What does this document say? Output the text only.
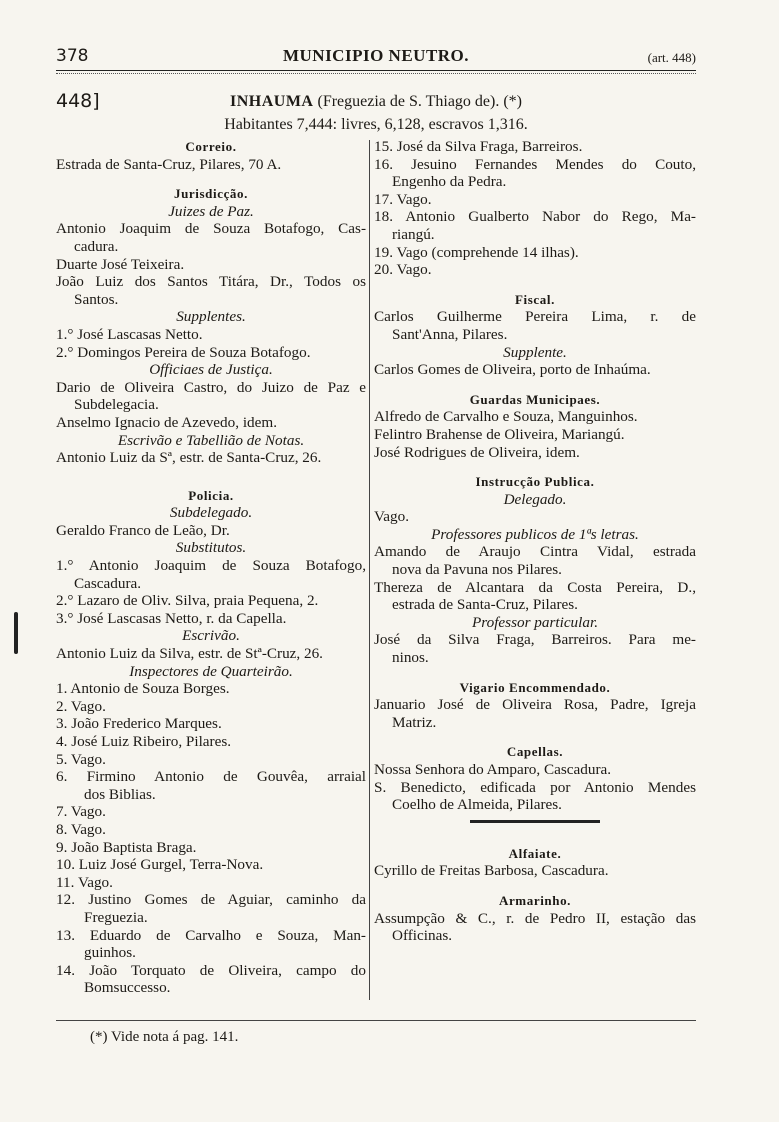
378	MUNICIPIO NEUTRO.	(art. 448)
448]	INHAUMA (Freguezia de S. Thiago de). (*)
Habitantes 7,444: livres, 6,128, escravos 1,316.
Correio.
Estrada de Santa-Cruz, Pilares, 70 A.
Jurisdicção.
Juizes de Paz.
Antonio Joaquim de Souza Botafogo, Cas-
cadura.
Duarte José Teixeira.
João Luiz dos Santos Titára, Dr., Todos os
Santos.
Supplentes.
1.° José Lascasas Netto.
2.° Domingos Pereira de Souza Botafogo.
Officiaes de Justiça.
Dario de Oliveira Castro, do Juizo de Paz e
Subdelegacia.
Anselmo Ignacio de Azevedo, idem.
Escrivão e Tabellião de Notas.
Antonio Luiz da Sª, estr. de Santa-Cruz, 26.
Policia.
Subdelegado.
Geraldo Franco de Leão, Dr.
Substitutos.
1.° Antonio Joaquim de Souza Botafogo,
Cascadura.
2.° Lazaro de Oliv. Silva, praia Pequena, 2.
3.° José Lascasas Netto, r. da Capella.
Escrivão.
Antonio Luiz da Silva, estr. de Stª-Cruz, 26.
Inspectores de Quarteirão.
1. Antonio de Souza Borges.
2. Vago.
3. João Frederico Marques.
4. José Luiz Ribeiro, Pilares.
5. Vago.
6. Firmino Antonio de Gouvêa, arraial
dos Biblias.
7. Vago.
8. Vago.
9. João Baptista Braga.
10. Luiz José Gurgel, Terra-Nova.
11. Vago.
12. Justino Gomes de Aguiar, caminho da
Freguezia.
13. Eduardo de Carvalho e Souza, Man-
guinhos.
14. João Torquato de Oliveira, campo do
Bomsuccesso.
15. José da Silva Fraga, Barreiros.
16. Jesuino Fernandes Mendes do Couto,
Engenho da Pedra.
17. Vago.
18. Antonio Gualberto Nabor do Rego, Ma-
riangú.
19. Vago (comprehende 14 ilhas).
20. Vago.
Fiscal.
Carlos Guilherme Pereira Lima, r. de
Sant'Anna, Pilares.
Supplente.
Carlos Gomes de Oliveira, porto de Inhaúma.
Guardas Municipaes.
Alfredo de Carvalho e Souza, Manguinhos.
Felintro Brahense de Oliveira, Mariangú.
José Rodrigues de Oliveira, idem.
Instrucção Publica.
Delegado.
Vago.
Professores publicos de 1ªs letras.
Amando de Araujo Cintra Vidal, estrada
nova da Pavuna nos Pilares.
Thereza de Alcantara da Costa Pereira, D.,
estrada de Santa-Cruz, Pilares.
Professor particular.
José da Silva Fraga, Barreiros. Para me-
ninos.
Vigario Encommendado.
Januario José de Oliveira Rosa, Padre, Igreja
Matriz.
Capellas.
Nossa Senhora do Amparo, Cascadura.
S. Benedicto, edificada por Antonio Mendes
Coelho de Almeida, Pilares.
Alfaiate.
Cyrillo de Freitas Barbosa, Cascadura.
Armarinho.
Assumpção & C., r. de Pedro II, estação das
Officinas.
(*) Vide nota á pag. 141.
